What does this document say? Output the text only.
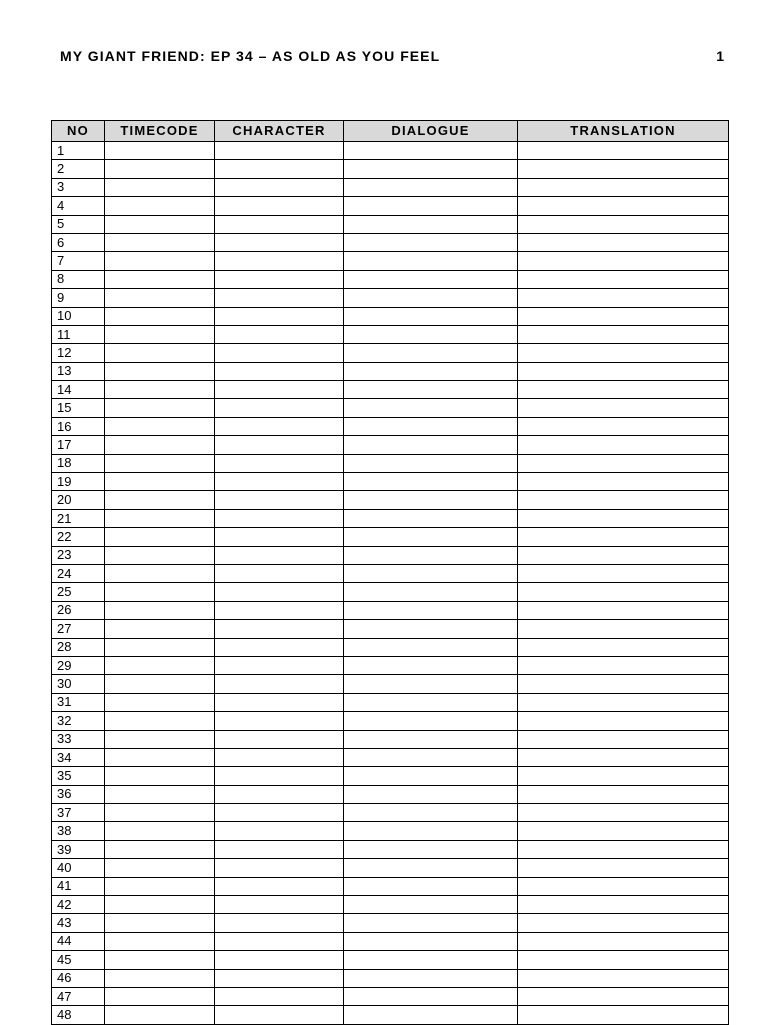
MY GIANT FRIEND: EP 34 – AS OLD AS YOU FEEL	1
NO	TIMECODE	CHARACTER	DIALOGUE	TRANSLATION
1				
2				
3				
4				
5				
6				
7				
8				
9				
10				
11				
12				
13				
14				
15				
16				
17				
18				
19				
20				
21				
22				
23				
24				
25				
26				
27				
28				
29				
30				
31				
32				
33				
34				
35				
36				
37				
38				
39				
40				
41				
42				
43				
44				
45				
46				
47				
48				
